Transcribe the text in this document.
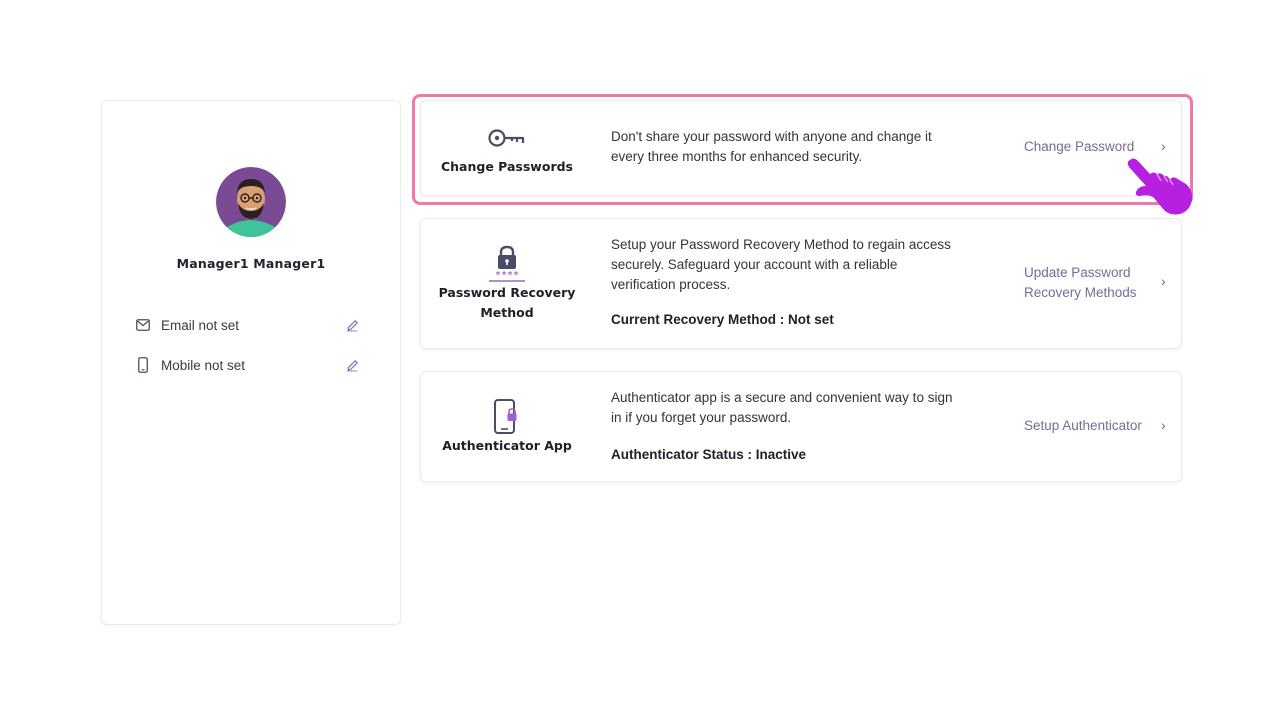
Manager1 Manager1
Email not set
Mobile not set
Change Passwords
Don't share your password with anyone and change it every three months for enhanced security.
Change Password	›
****
Password Recovery Method
Setup your Password Recovery Method to regain access securely. Safeguard your account with a reliable verification process.
Current Recovery Method : Not set
Update Password Recovery Methods
›
Authenticator App
Authenticator app is a secure and convenient way to sign in if you forget your password.
Authenticator Status : Inactive
Setup Authenticator	›
